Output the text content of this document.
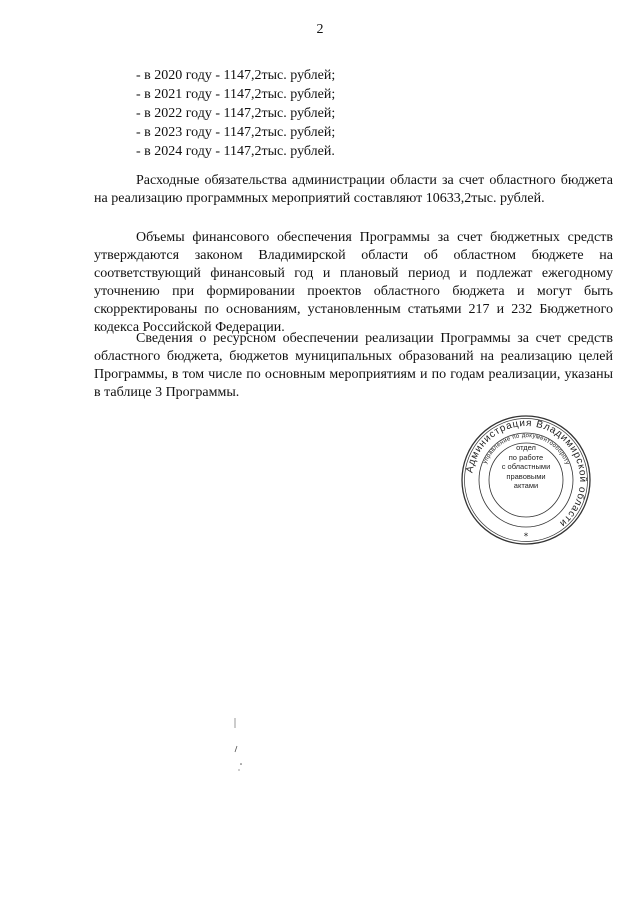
2
- в 2020 году - 1147,2тыс. рублей;
- в 2021 году - 1147,2тыс. рублей;
- в 2022 году - 1147,2тыс. рублей;
- в 2023 году - 1147,2тыс. рублей;
- в 2024 году - 1147,2тыс. рублей.

Расходные обязательства администрации области за счет областного бюджета на реализацию программных мероприятий составляют 10633,2тыс. рублей.

Объемы финансового обеспечения Программы за счет бюджетных средств утверждаются законом Владимирской области об областном бюджете на соответствующий финансовый год и плановый период и подлежат ежегодному уточнению при формировании проектов областного бюджета и могут быть скорректированы по основаниям, установленным статьями 217 и 232 Бюджетного кодекса Российской Федерации.

Сведения о ресурсном обеспечении реализации Программы за счет средств областного бюджета, бюджетов муниципальных образований на реализацию целей Программы, в том числе по основным мероприятиям и по годам реализации, указаны в таблице 3 Программы.

Администрация Владимирской области
управление по документообороту
отдел
по работе
с областными
правовыми
актами
*
